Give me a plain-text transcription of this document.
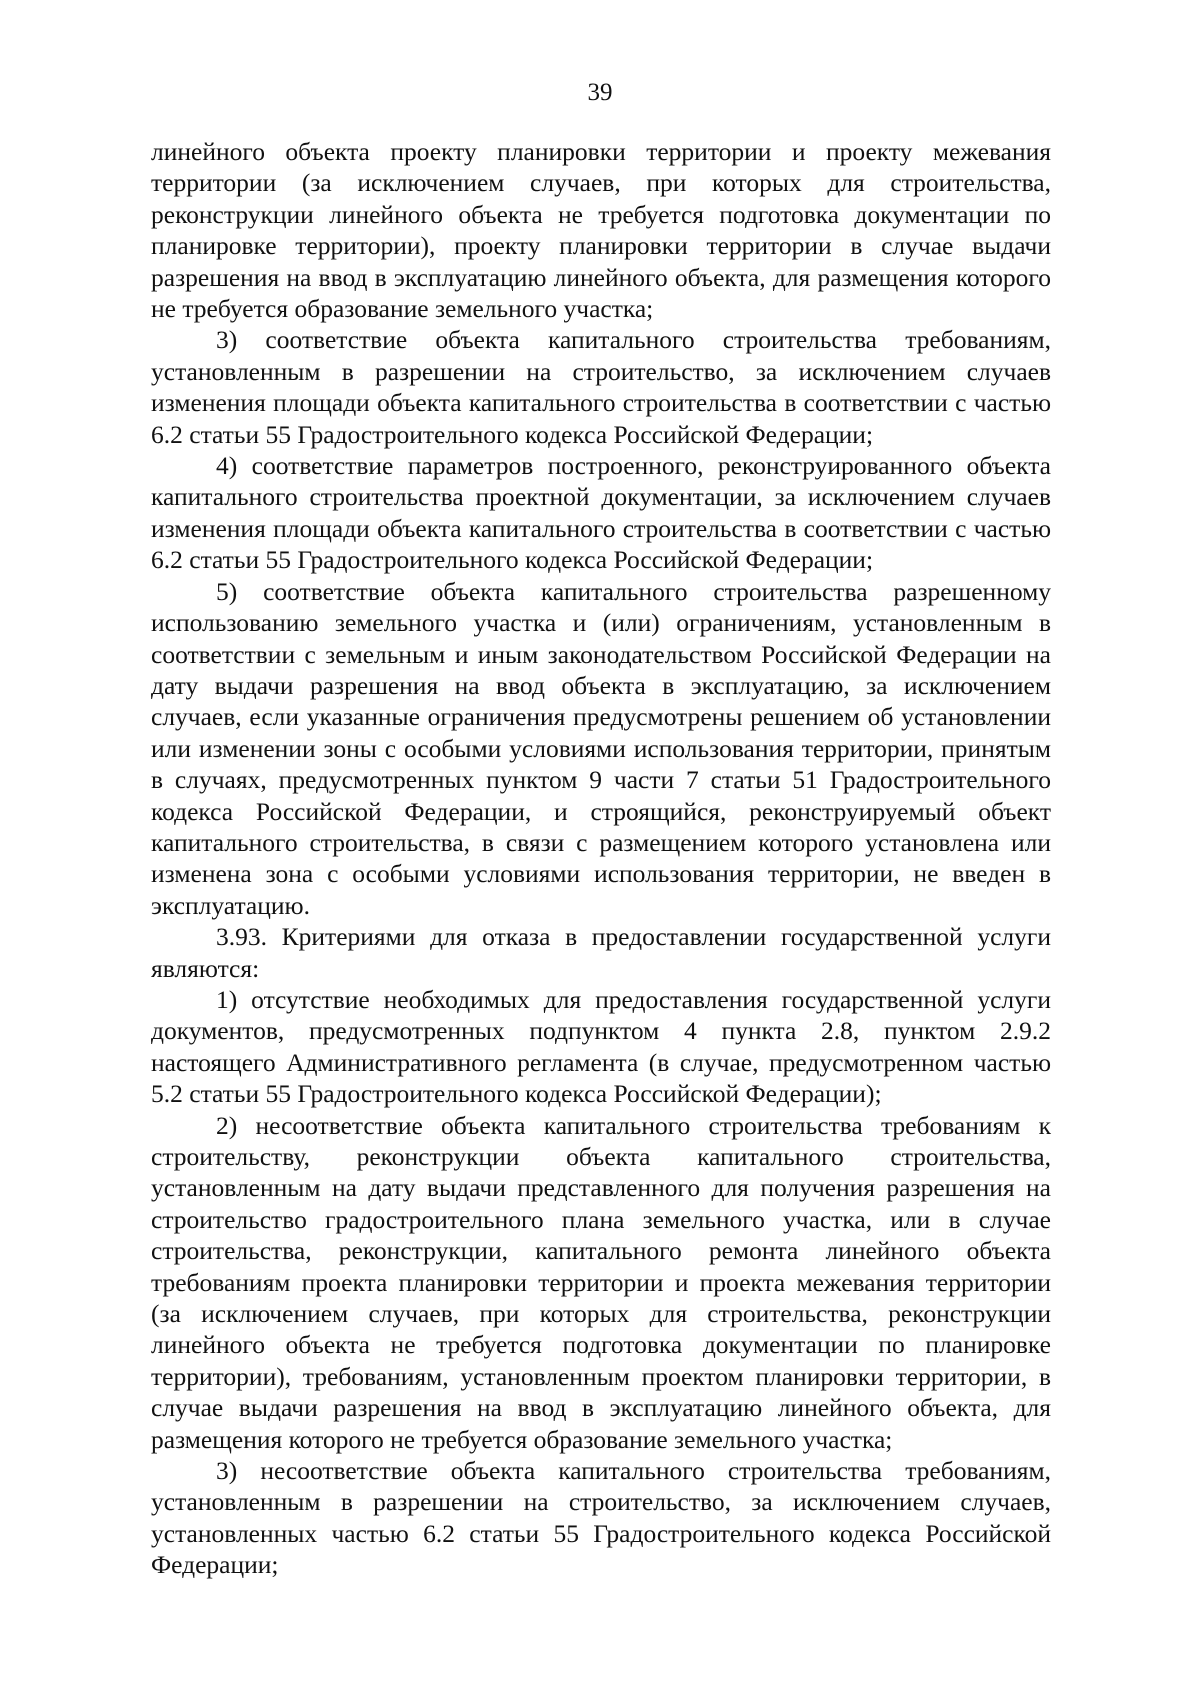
39

линейного объекта проекту планировки территории и проекту межевания территории (за исключением случаев, при которых для строительства, реконструкции линейного объекта не требуется подготовка документации по планировке территории), проекту планировки территории в случае выдачи разрешения на ввод в эксплуатацию линейного объекта, для размещения которого не требуется образование земельного участка;

3) соответствие объекта капитального строительства требованиям, установленным в разрешении на строительство, за исключением случаев изменения площади объекта капитального строительства в соответствии с частью 6.2 статьи 55 Градостроительного кодекса Российской Федерации;

4) соответствие параметров построенного, реконструированного объекта капитального строительства проектной документации, за исключением случаев изменения площади объекта капитального строительства в соответствии с частью 6.2 статьи 55 Градостроительного кодекса Российской Федерации;

5) соответствие объекта капитального строительства разрешенному использованию земельного участка и (или) ограничениям, установленным в соответствии с земельным и иным законодательством Российской Федерации на дату выдачи разрешения на ввод объекта в эксплуатацию, за исключением случаев, если указанные ограничения предусмотрены решением об установлении или изменении зоны с особыми условиями использования территории, принятым в случаях, предусмотренных пунктом 9 части 7 статьи 51 Градостроительного кодекса Российской Федерации, и строящийся, реконструируемый объект капитального строительства, в связи с размещением которого установлена или изменена зона с особыми условиями использования территории, не введен в эксплуатацию.

3.93. Критериями для отказа в предоставлении государственной услуги являются:

1) отсутствие необходимых для предоставления государственной услуги документов, предусмотренных подпунктом 4 пункта 2.8, пунктом 2.9.2 настоящего Административного регламента (в случае, предусмотренном частью 5.2 статьи 55 Градостроительного кодекса Российской Федерации);

2) несоответствие объекта капитального строительства требованиям к строительству, реконструкции объекта капитального строительства, установленным на дату выдачи представленного для получения разрешения на строительство градостроительного плана земельного участка, или в случае строительства, реконструкции, капитального ремонта линейного объекта требованиям проекта планировки территории и проекта межевания территории (за исключением случаев, при которых для строительства, реконструкции линейного объекта не требуется подготовка документации по планировке территории), требованиям, установленным проектом планировки территории, в случае выдачи разрешения на ввод в эксплуатацию линейного объекта, для размещения которого не требуется образование земельного участка;

3) несоответствие объекта капитального строительства требованиям, установленным в разрешении на строительство, за исключением случаев, установленных частью 6.2 статьи 55 Градостроительного кодекса Российской Федерации;
